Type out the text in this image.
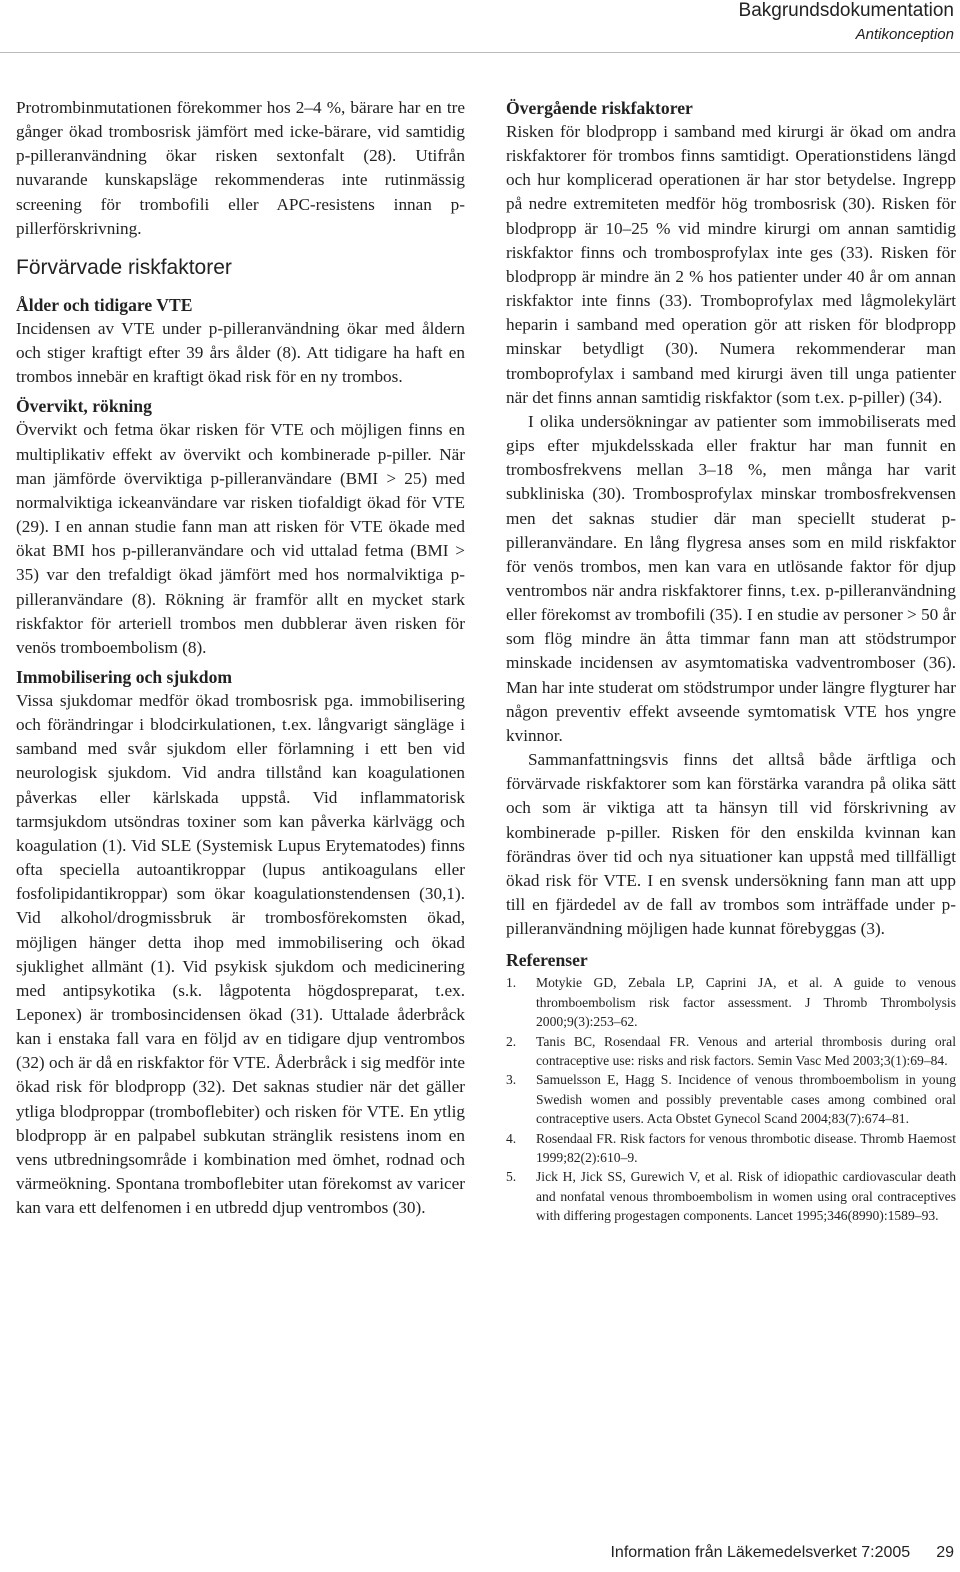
Bakgrundsdokumentation
Antikonception

Protrombinmutationen förekommer hos 2–4 %, bärare har en tre gånger ökad trombosrisk jämfört med icke-bärare, vid samtidig p-pilleranvändning ökar risken sextonfalt (28). Utifrån nuvarande kunskapsläge rekommenderas inte rutinmässig screening för trombofili eller APC-resistens innan p-pillerförskrivning.

Förvärvade riskfaktorer
Ålder och tidigare VTE

Incidensen av VTE under p-pilleranvändning ökar med åldern och stiger kraftigt efter 39 års ålder (8). Att tidigare ha haft en trombos innebär en kraftigt ökad risk för en ny trombos.

Övervikt, rökning

Övervikt och fetma ökar risken för VTE och möjligen finns en multiplikativ effekt av övervikt och kombinerade p-piller. När man jämförde överviktiga p-pilleranvändare (BMI > 25) med normalviktiga ickeanvändare var risken tiofaldigt ökad för VTE (29). I en annan studie fann man att risken för VTE ökade med ökat BMI hos p-pilleranvändare och vid uttalad fetma (BMI > 35) var den trefaldigt ökad jämfört med hos normalviktiga p-pilleranvändare (8). Rökning är framför allt en mycket stark riskfaktor för arteriell trombos men dubblerar även risken för venös tromboembolism (8).

Immobilisering och sjukdom

Vissa sjukdomar medför ökad trombosrisk pga. immobilisering och förändringar i blodcirkulationen, t.ex. långvarigt sängläge i samband med svår sjukdom eller förlamning i ett ben vid neurologisk sjukdom. Vid andra tillstånd kan koagulationen påverkas eller kärlskada uppstå. Vid inflammatorisk tarmsjukdom utsöndras toxiner som kan påverka kärlvägg och koagulation (1). Vid SLE (Systemisk Lupus Erytematodes) finns ofta speciella autoantikroppar (lupus antikoagulans eller fosfolipidantikroppar) som ökar koagulationstendensen (30,1). Vid alkohol/drogmissbruk är trombosförekomsten ökad, möjligen hänger detta ihop med immobilisering och ökad sjuklighet allmänt (1). Vid psykisk sjukdom och medicinering med antipsykotika (s.k. lågpotenta högdospreparat, t.ex. Leponex) är trombosincidensen ökad (31). Uttalade åderbråck kan i enstaka fall vara en följd av en tidigare djup ventrombos (32) och är då en riskfaktor för VTE. Åderbråck i sig medför inte ökad risk för blodpropp (32). Det saknas studier när det gäller ytliga blodproppar (tromboflebiter) och risken för VTE. En ytlig blodpropp är en palpabel subkutan stränglik resistens inom en vens utbredningsområde i kombination med ömhet, rodnad och värmeökning. Spontana tromboflebiter utan förekomst av varicer kan vara ett delfenomen i en utbredd djup ventrombos (30).

Övergående riskfaktorer

Risken för blodpropp i samband med kirurgi är ökad om andra riskfaktorer för trombos finns samtidigt. Operationstidens längd och hur komplicerad operationen är har stor betydelse. Ingrepp på nedre extremiteten medför hög trombosrisk (30). Risken för blodpropp är 10–25 % vid mindre kirurgi om annan samtidig riskfaktor finns och trombosprofylax inte ges (33). Risken för blodpropp är mindre än 2 % hos patienter under 40 år om annan riskfaktor inte finns (33). Tromboprofylax med lågmolekylärt heparin i samband med operation gör att risken för blodpropp minskar betydligt (30). Numera rekommenderar man tromboprofylax i samband med kirurgi även till unga patienter när det finns annan samtidig riskfaktor (som t.ex. p-piller) (34).

I olika undersökningar av patienter som immobiliserats med gips efter mjukdelsskada eller fraktur har man funnit en trombosfrekvens mellan 3–18 %, men många har varit subkliniska (30). Trombosprofylax minskar trombosfrekvensen men det saknas studier där man speciellt studerat p-pilleranvändare. En lång flygresa anses som en mild riskfaktor för venös trombos, men kan vara en utlösande faktor för djup ventrombos när andra riskfaktorer finns, t.ex. p-pilleranvändning eller förekomst av trombofili (35). I en studie av personer > 50 år som flög mindre än åtta timmar fann man att stödstrumpor minskade incidensen av asymtomatiska vadventromboser (36). Man har inte studerat om stödstrumpor under längre flygturer har någon preventiv effekt avseende symtomatisk VTE hos yngre kvinnor.

Sammanfattningsvis finns det alltså både ärftliga och förvärvade riskfaktorer som kan förstärka varandra på olika sätt och som är viktiga att ta hänsyn till vid förskrivning av kombinerade p-piller. Risken för den enskilda kvinnan kan förändras över tid och nya situationer kan uppstå med tillfälligt ökad risk för VTE. I en svensk undersökning fann man att upp till en fjärdedel av de fall av trombos som inträffade under p-pilleranvändning möjligen hade kunnat förebyggas (3).

Referenser
1. Motykie GD, Zebala LP, Caprini JA, et al. A guide to venous thromboembolism risk factor assessment. J Thromb Thrombolysis 2000;9(3):253–62.
2. Tanis BC, Rosendaal FR. Venous and arterial thrombosis during oral contraceptive use: risks and risk factors. Semin Vasc Med 2003;3(1):69–84.
3. Samuelsson E, Hagg S. Incidence of venous thromboembolism in young Swedish women and possibly preventable cases among combined oral contraceptive users. Acta Obstet Gynecol Scand 2004;83(7):674–81.
4. Rosendaal FR. Risk factors for venous thrombotic disease. Thromb Haemost 1999;82(2):610–9.
5. Jick H, Jick SS, Gurewich V, et al. Risk of idiopathic cardiovascular death and nonfatal venous thromboembolism in women using oral contraceptives with differing progestagen components. Lancet 1995;346(8990):1589–93.
Information från Läkemedelsverket 7:2005 29
